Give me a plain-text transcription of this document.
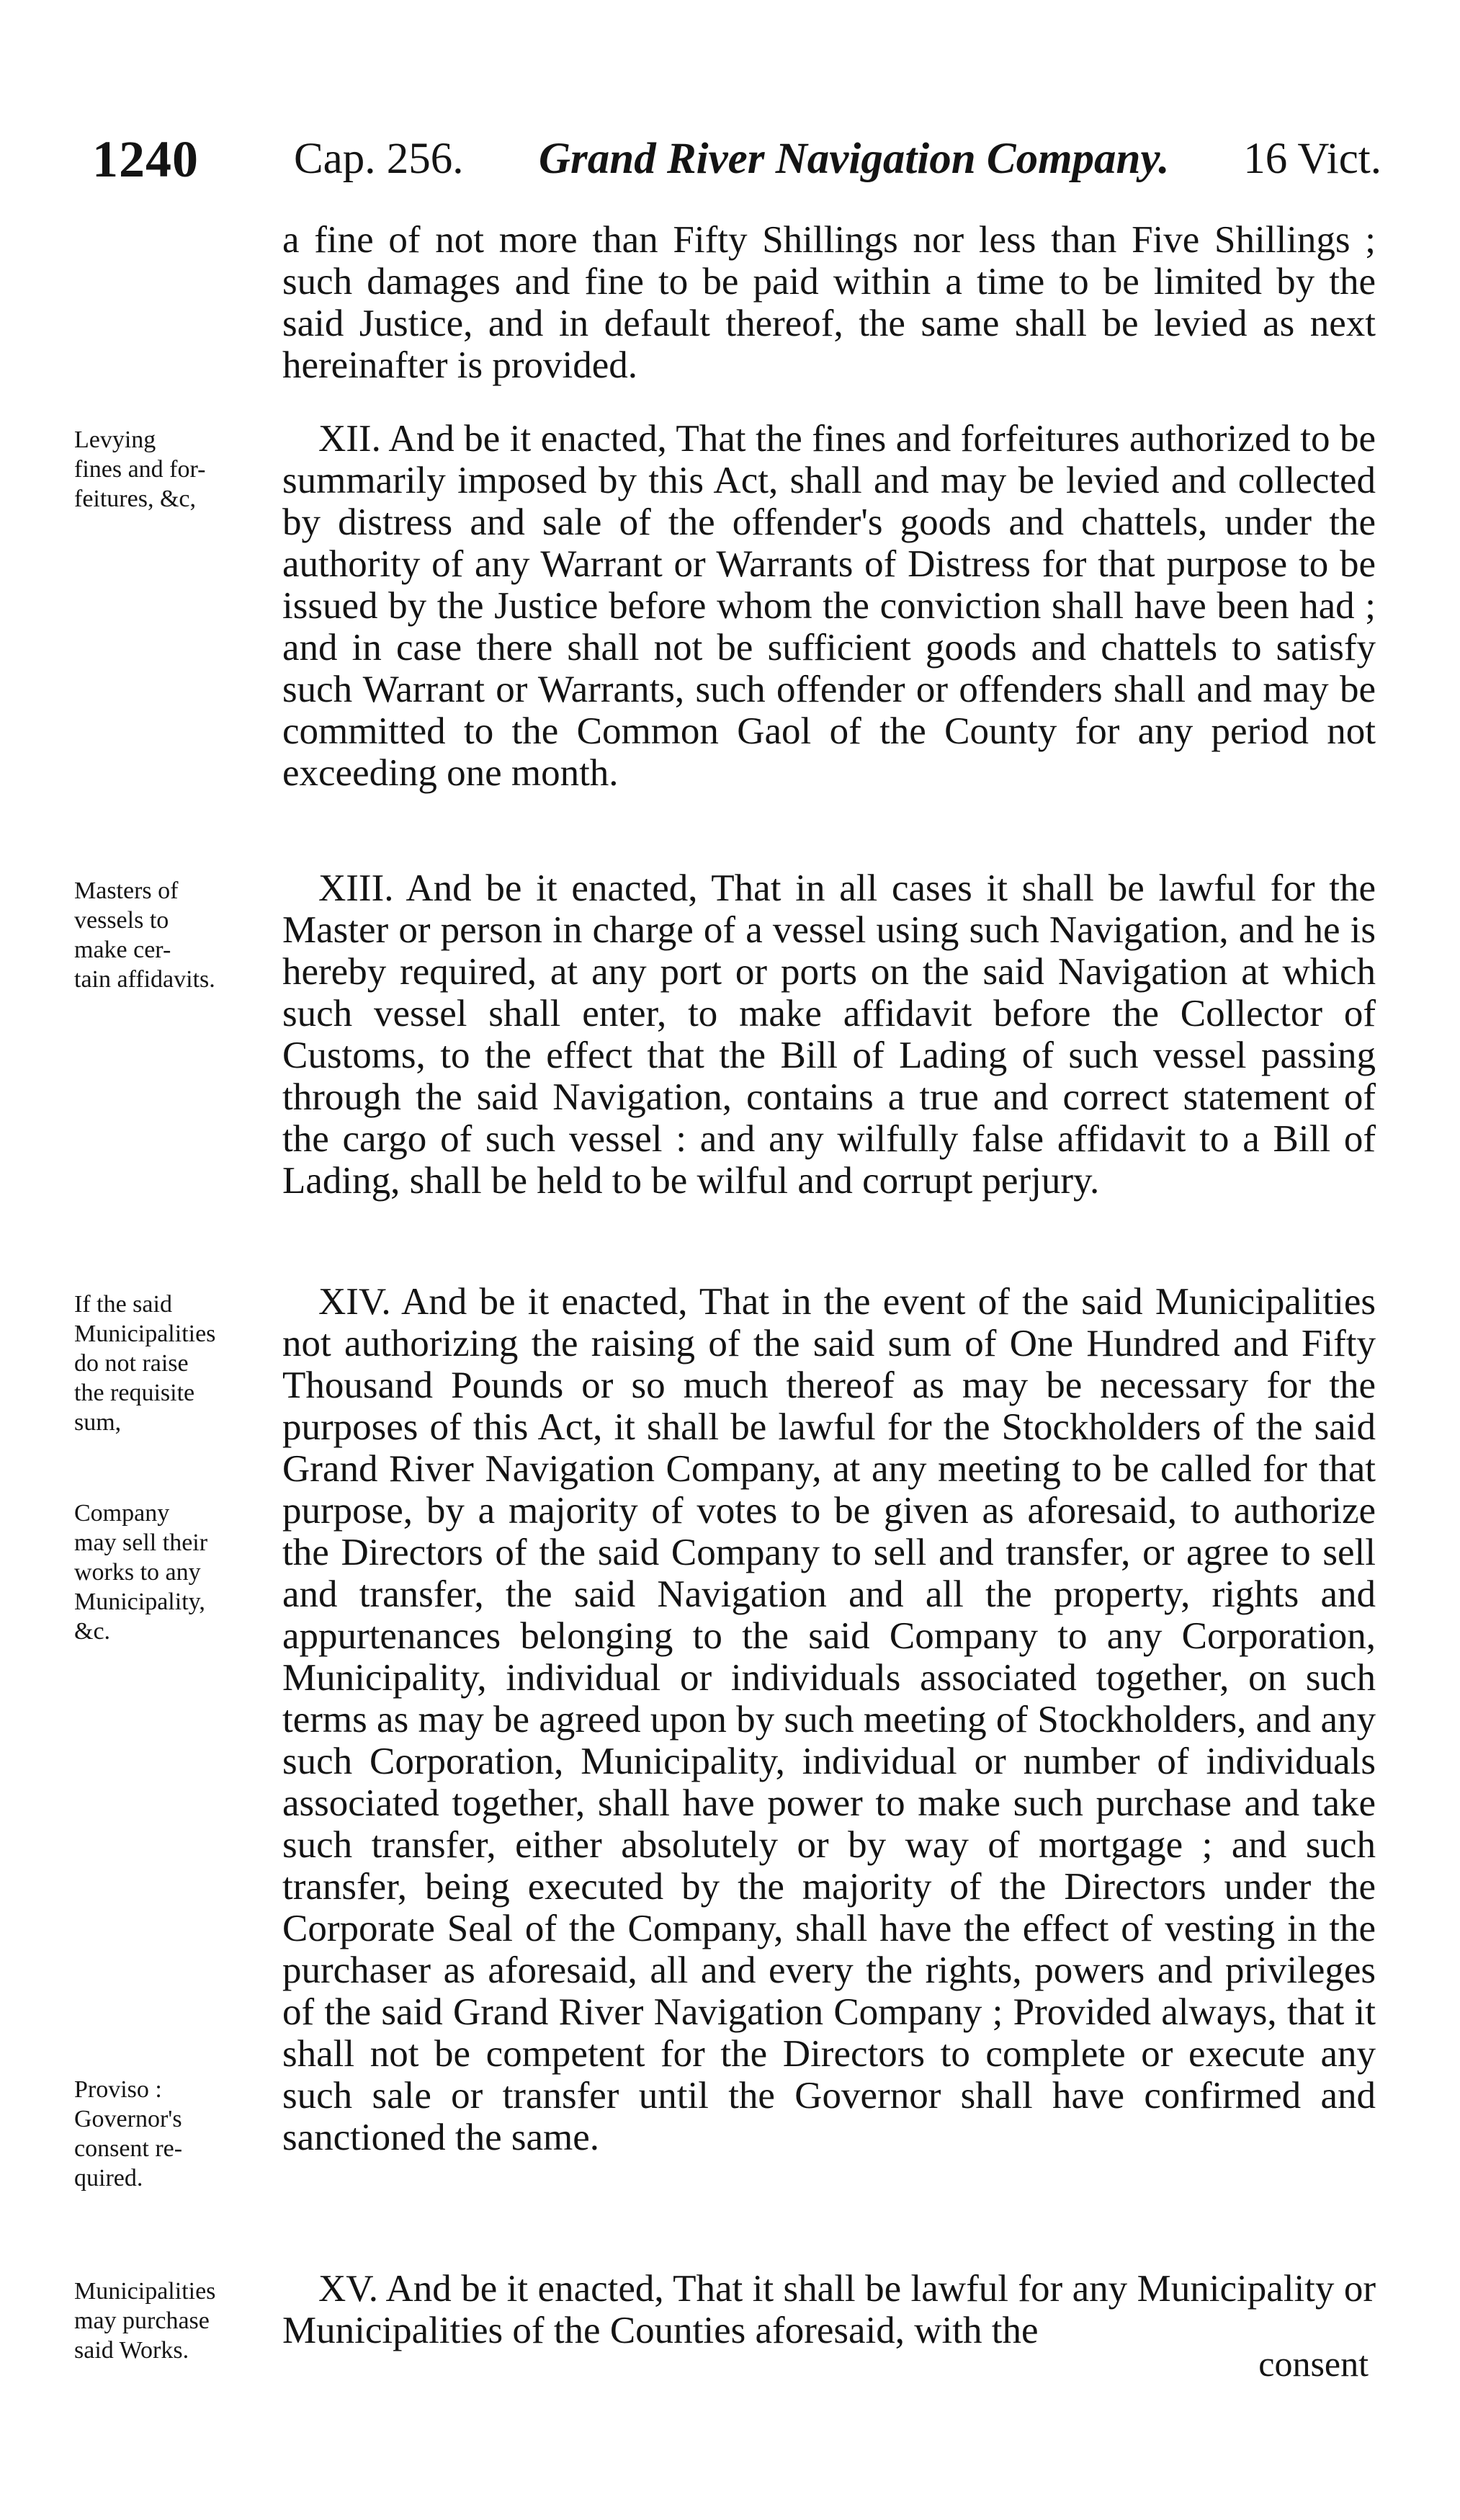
1240 Cap. 256. Grand River Navigation Company. 16 Vict.
a fine of not more than Fifty Shillings nor less than Five Shillings ; such damages and fine to be paid within a time to be limited by the said Justice, and in default thereof, the same shall be levied as next hereinafter is provided.
Levying
fines and for-
feitures, &c,
XII. And be it enacted, That the fines and forfeitures authorized to be summarily imposed by this Act, shall and may be levied and collected by distress and sale of the offender's goods and chattels, under the authority of any Warrant or Warrants of Distress for that purpose to be issued by the Justice before whom the conviction shall have been had ; and in case there shall not be sufficient goods and chattels to satisfy such Warrant or Warrants, such offender or offenders shall and may be committed to the Common Gaol of the County for any period not exceeding one month.
Masters of
vessels to
make cer-
tain affidavits.
XIII. And be it enacted, That in all cases it shall be lawful for the Master or person in charge of a vessel using such Navigation, and he is hereby required, at any port or ports on the said Navigation at which such vessel shall enter, to make affidavit before the Collector of Customs, to the effect that the Bill of Lading of such vessel passing through the said Navigation, contains a true and correct statement of the cargo of such vessel : and any wilfully false affidavit to a Bill of Lading, shall be held to be wilful and corrupt perjury.
If the said
Municipalities
do not raise
the requisite
sum,
Company
may sell their
works to any
Municipality,
&c.
Proviso :
Governor's
consent re-
quired.
XIV. And be it enacted, That in the event of the said Municipalities not authorizing the raising of the said sum of One Hundred and Fifty Thousand Pounds or so much thereof as may be necessary for the purposes of this Act, it shall be lawful for the Stockholders of the said Grand River Navigation Company, at any meeting to be called for that purpose, by a majority of votes to be given as aforesaid, to authorize the Directors of the said Company to sell and transfer, or agree to sell and transfer, the said Navigation and all the property, rights and appurtenances belonging to the said Company to any Corporation, Municipality, individual or individuals associated together, on such terms as may be agreed upon by such meeting of Stockholders, and any such Corporation, Municipality, individual or number of individuals associated together, shall have power to make such purchase and take such transfer, either absolutely or by way of mortgage ; and such transfer, being executed by the majority of the Directors under the Corporate Seal of the Company, shall have the effect of vesting in the purchaser as aforesaid, all and every the rights, powers and privileges of the said Grand River Navigation Company ; Provided always, that it shall not be competent for the Directors to complete or execute any such sale or transfer until the Governor shall have confirmed and sanctioned the same.
Municipalities
may purchase
said Works.
XV. And be it enacted, That it shall be lawful for any Municipality or Municipalities of the Counties aforesaid, with the
consent
